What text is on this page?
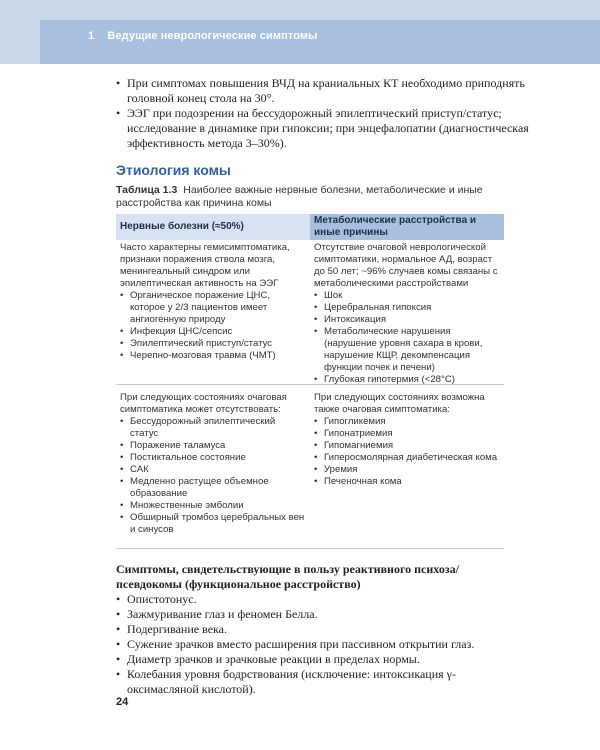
1 Ведущие неврологические симптомы
• При симптомах повышения ВЧД на краниальных КТ необходимо приподнять головной конец стола на 30°.
• ЭЭГ при подозрении на бессудорожный эпилептический приступ/статус; исследование в динамике при гипоксии; при энцефалопатии (диагностическая эффективность метода 3–30%).
Этиология комы
Таблица 1.3 Наиболее важные нервные болезни, метаболические и иные расстройства как причина комы
Нервные болезни (≈50%)
Метаболические расстройства и иные причины

Часто характерны гемисимптоматика, признаки поражения ствола мозга, менингеальный синдром или эпилептическая активность на ЭЭГ

• Органическое поражение ЦНС, которое у 2/3 пациентов имеет ангиогенную природу
• Инфекция ЦНС/сепсис
• Эпилептический приступ/статус
• Черепно-мозговая травма (ЧМТ)

Отсутствие очаговой неврологической симптоматики, нормальное АД, возраст до 50 лет; ~96% случаев комы связаны с метаболическими расстройствами

• Шок
• Церебральная гипоксия
• Интоксикация
• Метаболические нарушения (нарушение уровня сахара в крови, нарушение КЩР, декомпенсация функции почек и печени)
• Глубокая гипотермия (<28°C)

При следующих состояниях очаговая симптоматика может отсутствовать:

• Бессудорожный эпилептический статус
• Поражение таламуса
• Постиктальное состояние
• САК
• Медленно растущее объемное образование
• Множественные эмболии
• Обширный тромбоз церебральных вен и синусов

При следующих состояниях возможна также очаговая симптоматика:

• Гипогликемия
• Гипонатриемия
• Гипомагниемия
• Гиперосмолярная диабетическая кома
• Уремия
• Печеночная кома
Симптомы, свидетельствующие в пользу реактивного психоза/ псевдокомы (функциональное расстройство)
• Опистотонус.
• Зажмуривание глаз и феномен Белла.
• Подергивание века.
• Сужение зрачков вместо расширения при пассивном открытии глаз.
• Диаметр зрачков и зрачковые реакции в пределах нормы.
• Колебания уровня бодрствования (исключение: интоксикация γ-оксимасляной кислотой).
24
